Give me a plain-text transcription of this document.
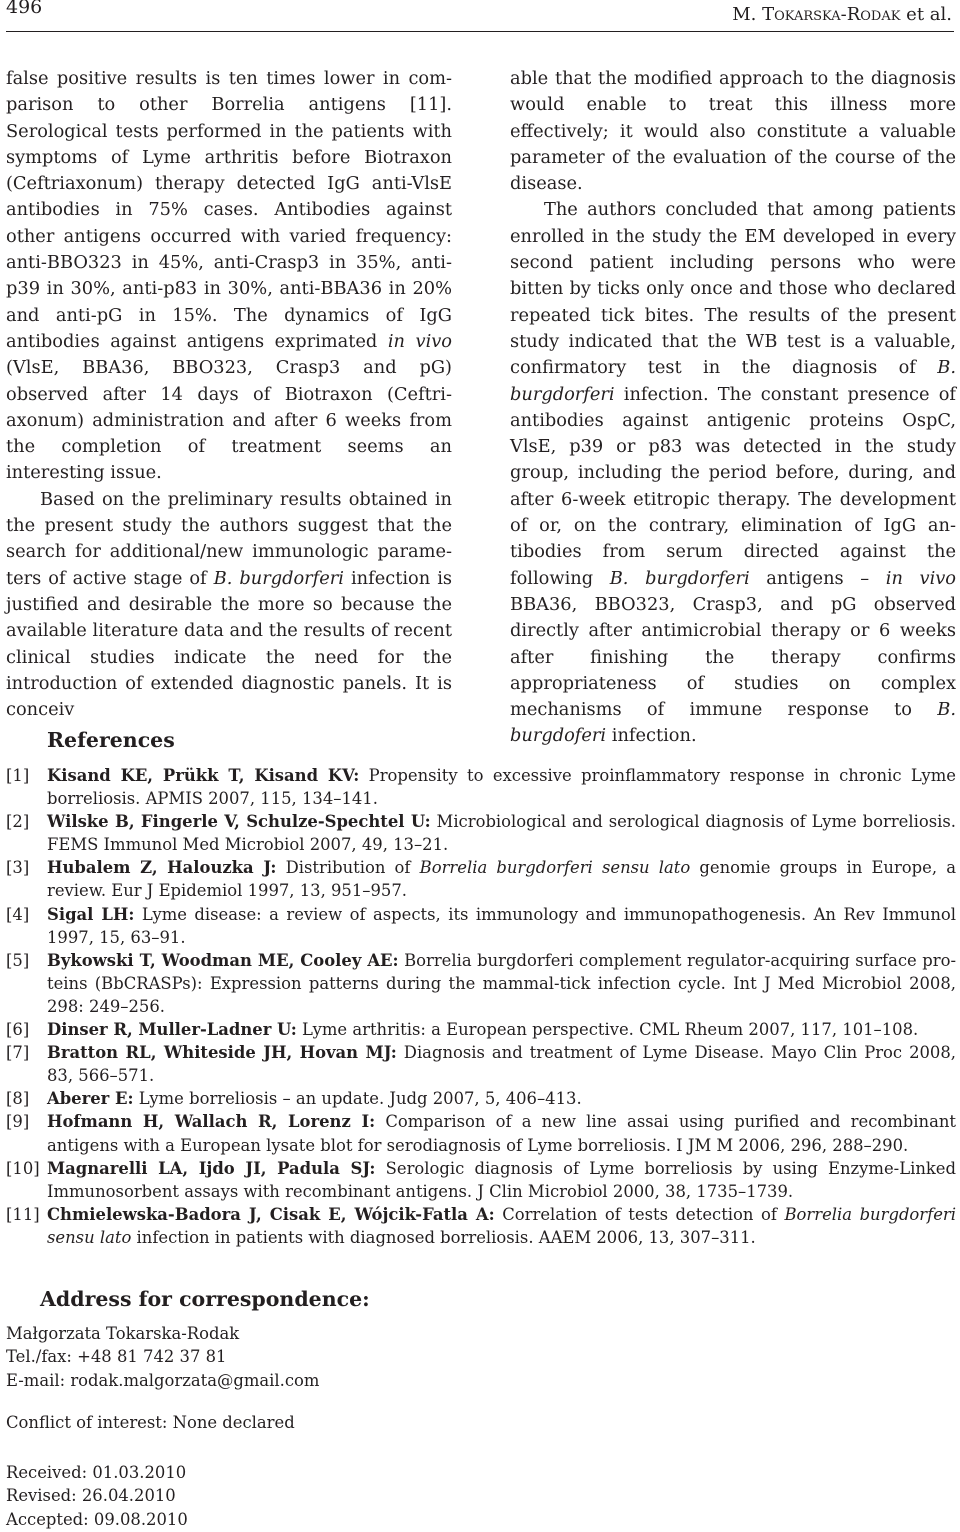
496	M. Tokarska-Rodak et al.

false positive results is ten times lower in comparison to other Borrelia antigens [11]. Serological tests performed in the patients with symptoms of Lyme arthritis before Biotraxon (Ceftriaxonum) therapy detected IgG anti-VlsE antibodies in 75% cases. Antibodies against other antigens occurred with varied frequency: anti-BBO323 in 45%, anti-Crasp3 in 35%, anti-p39 in 30%, anti-p83 in 30%, anti-BBA36 in 20% and anti-pG in 15%. The dynamics of IgG antibodies against antigens exprimated in vivo (VlsE, BBA36, BBO323, Crasp3 and pG) observed after 14 days of Biotraxon (Ceftriaxonum) administration and after 6 weeks from the completion of treatment seems an interesting issue.

Based on the preliminary results obtained in the present study the authors suggest that the search for additional/new immunologic parameters of active stage of B. burgdorferi infection is justified and desirable the more so because the available literature data and the results of recent clinical studies indicate the need for the introduction of extended diagnostic panels. It is conceiv

able that the modified approach to the diagnosis would enable to treat this illness more effectively; it would also constitute a valuable parameter of the evaluation of the course of the disease.

The authors concluded that among patients enrolled in the study the EM developed in every second patient including persons who were bitten by ticks only once and those who declared repeated tick bites. The results of the present study indicated that the WB test is a valuable, confirmatory test in the diagnosis of B. burgdorferi infection. The constant presence of antibodies against antigenic proteins OspC, VlsE, p39 or p83 was detected in the study group, including the period before, during, and after 6-week etitropic therapy. The development of or, on the contrary, elimination of IgG antibodies from serum directed against the following B. burgdorferi antigens – in vivo BBA36, BBO323, Crasp3, and pG observed directly after antimicrobial therapy or 6 weeks after finishing the therapy confirms appropriateness of studies on complex mechanisms of immune response to B. burgdoferi infection.

References
[1]	Kisand KE, Prükk T, Kisand KV: Propensity to excessive proinflammatory response in chronic Lyme borreliosis. APMIS 2007, 115, 134–141.
[2]	Wilske B, Fingerle V, Schulze-Spechtel U: Microbiological and serological diagnosis of Lyme borreliosis. FEMS Immunol Med Microbiol 2007, 49, 13–21.
[3]	Hubalem Z, Halouzka J: Distribution of Borrelia burgdorferi sensu lato genomie groups in Europe, a review. Eur J Epidemiol 1997, 13, 951–957.
[4]	Sigal LH: Lyme disease: a review of aspects, its immunology and immunopathogenesis. An Rev Immunol 1997, 15, 63–91.
[5]	Bykowski T, Woodman ME, Cooley AE: Borrelia burgdorferi complement regulator-acquiring surface proteins (BbCRASPs): Expression patterns during the mammal-tick infection cycle. Int J Med Microbiol 2008, 298: 249–256.
[6]	Dinser R, Muller-Ladner U: Lyme arthritis: a European perspective. CML Rheum 2007, 117, 101–108.
[7]	Bratton RL, Whiteside JH, Hovan MJ: Diagnosis and treatment of Lyme Disease. Mayo Clin Proc 2008, 83, 566–571.
[8]	Aberer E: Lyme borreliosis – an update. Judg 2007, 5, 406–413.
[9]	Hofmann H, Wallach R, Lorenz I: Comparison of a new line assai using purified and recombinant antigens with a European lysate blot for serodiagnosis of Lyme borreliosis. I JM M 2006, 296, 288–290.
[10] Magnarelli LA, Ijdo JI, Padula SJ: Serologic diagnosis of Lyme borreliosis by using Enzyme-Linked Immunosorbent assays with recombinant antigens. J Clin Microbiol 2000, 38, 1735–1739.
[11] Chmielewska-Badora J, Cisak E, Wójcik-Fatla A: Correlation of tests detection of Borrelia burgdorferi sensu lato infection in patients with diagnosed borreliosis. AAEM 2006, 13, 307–311.
Address for correspondence:
Małgorzata Tokarska-Rodak
Tel./fax: +48 81 742 37 81
E-mail: rodak.malgorzata@gmail.com
Conflict of interest: None declared
Received: 01.03.2010
Revised: 26.04.2010
Accepted: 09.08.2010
